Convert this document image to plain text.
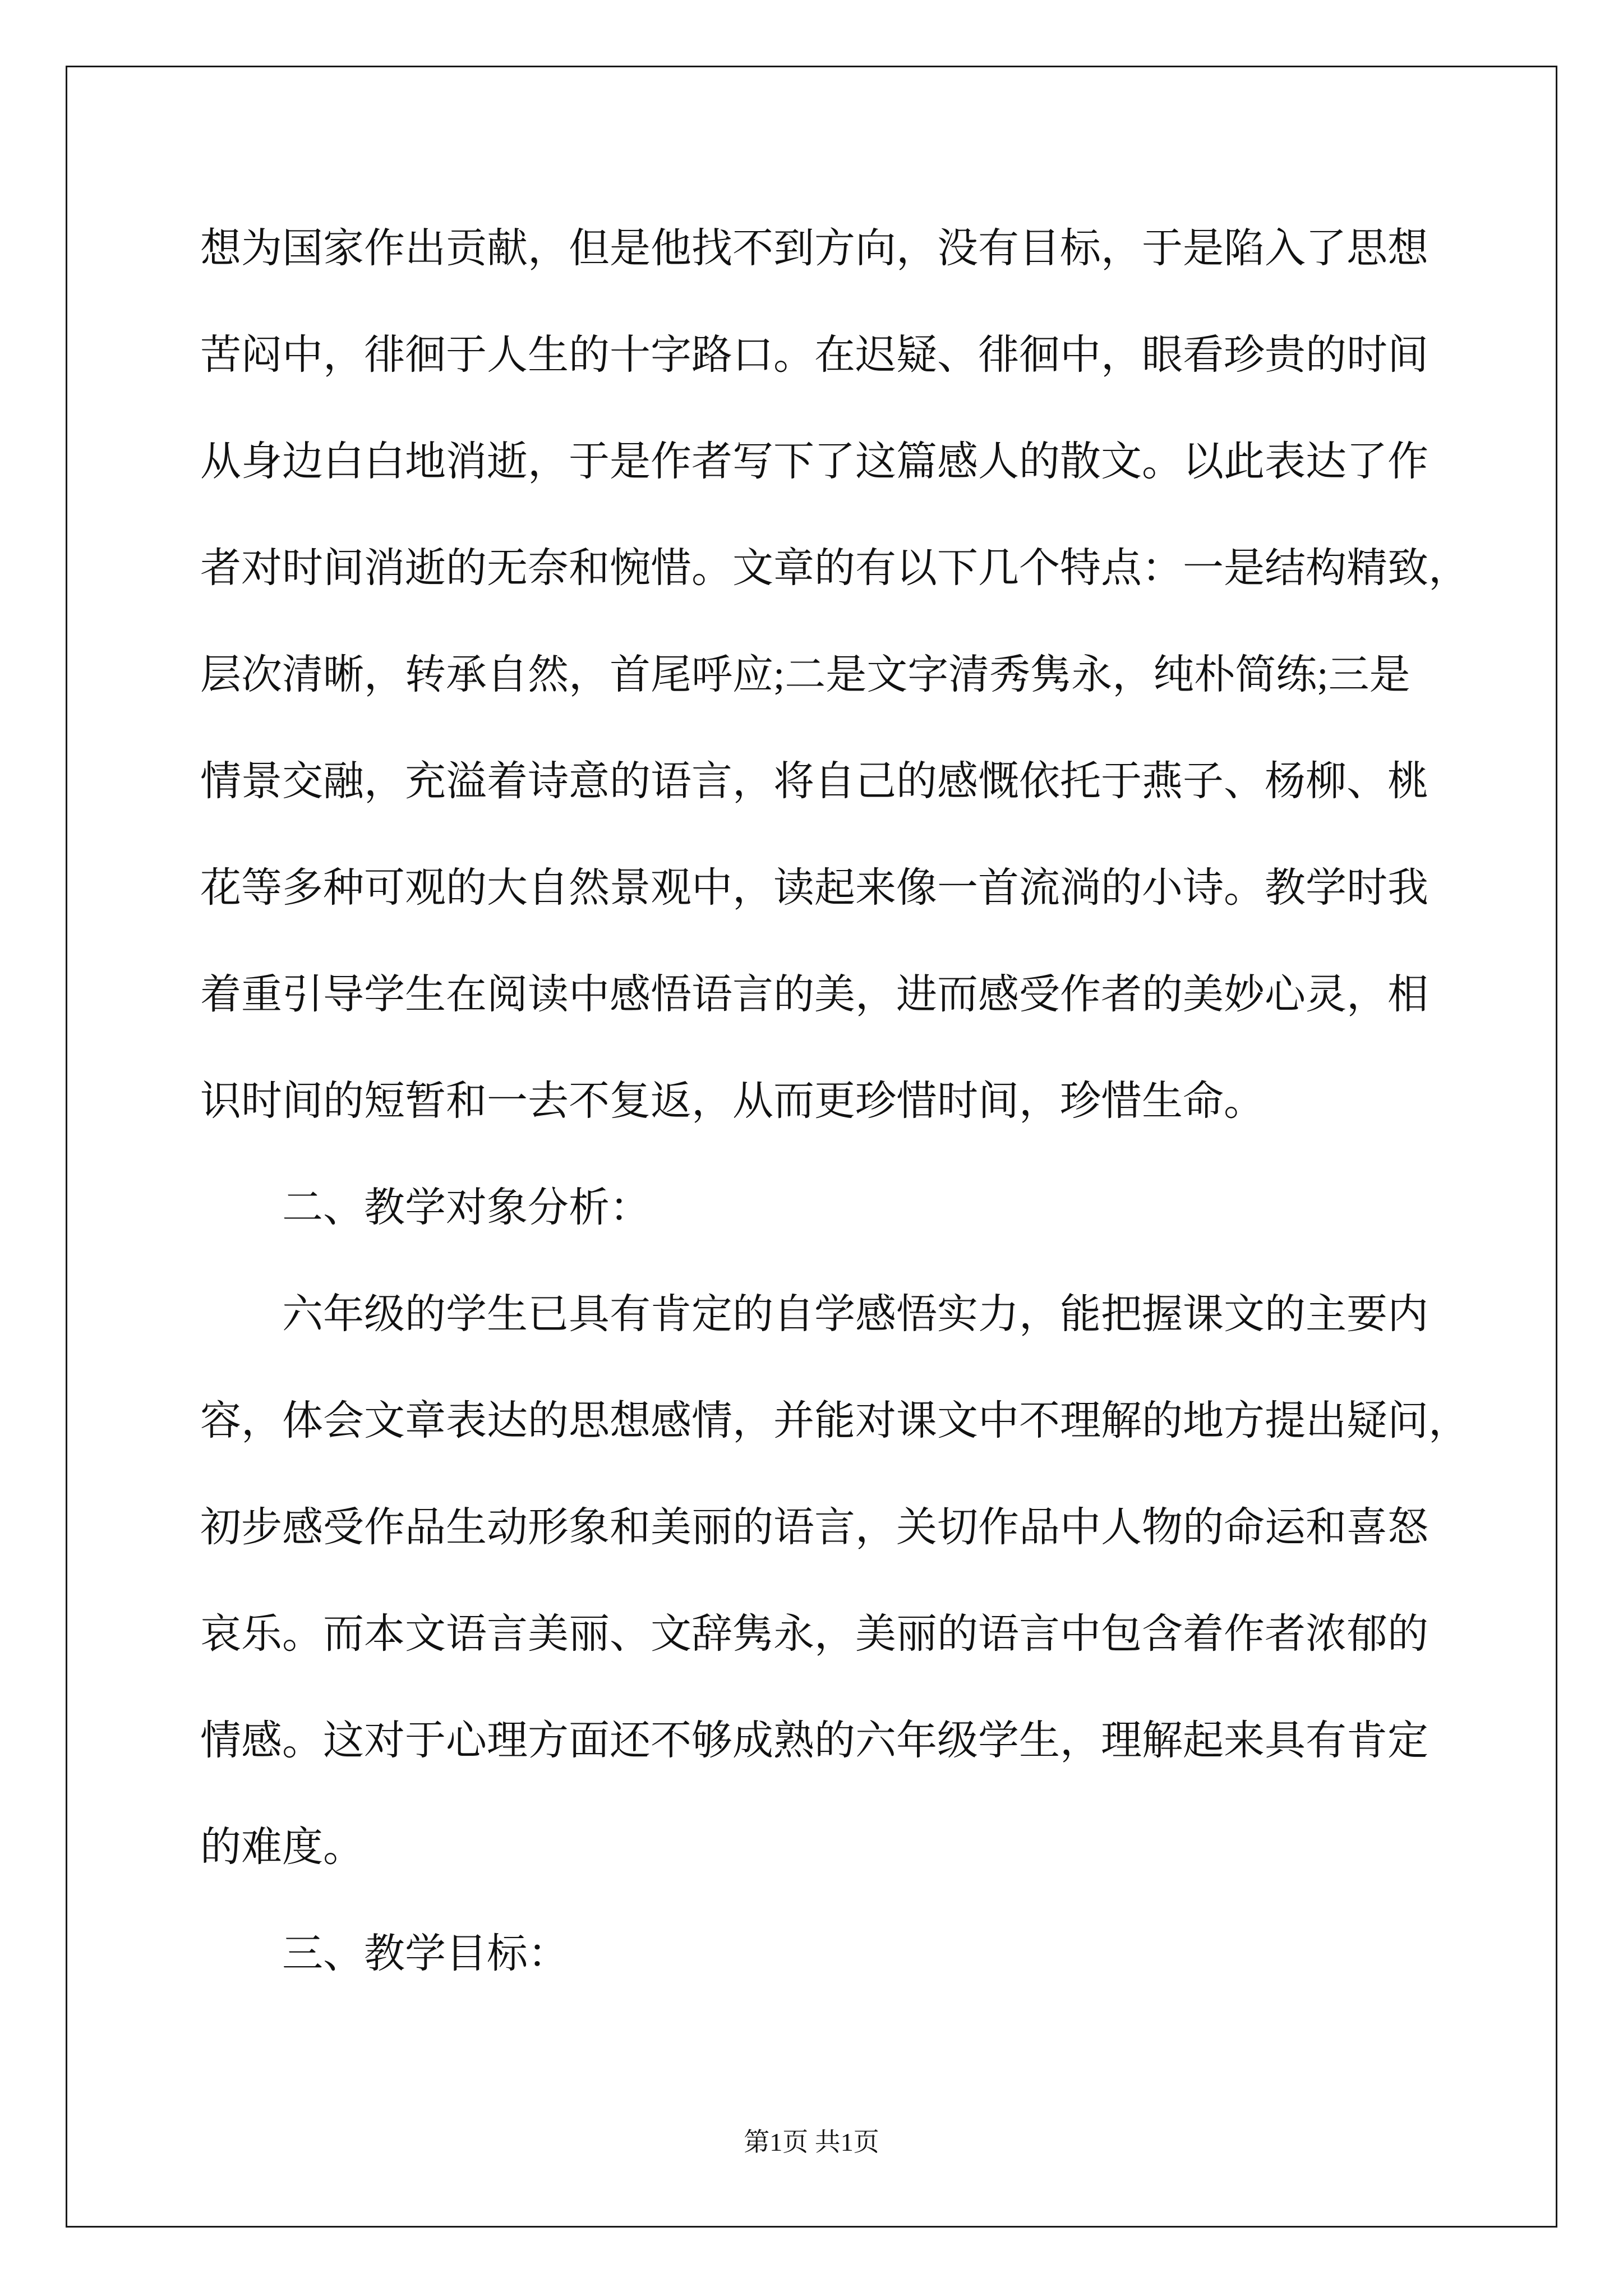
想为国家作出贡献，但是他找不到方向，没有目标，于是陷入了思想
苦闷中，徘徊于人生的十字路口。在迟疑、徘徊中，眼看珍贵的时间
从身边白白地消逝，于是作者写下了这篇感人的散文。以此表达了作
者对时间消逝的无奈和惋惜。文章的有以下几个特点：一是结构精致，
层次清晰，转承自然，首尾呼应;二是文字清秀隽永，纯朴简练;三是
情景交融，充溢着诗意的语言，将自己的感慨依托于燕子、杨柳、桃
花等多种可观的大自然景观中，读起来像一首流淌的小诗。教学时我
着重引导学生在阅读中感悟语言的美，进而感受作者的美妙心灵，相
识时间的短暂和一去不复返，从而更珍惜时间，珍惜生命。
二、教学对象分析：
六年级的学生已具有肯定的自学感悟实力，能把握课文的主要内
容，体会文章表达的思想感情，并能对课文中不理解的地方提出疑问，
初步感受作品生动形象和美丽的语言，关切作品中人物的命运和喜怒
哀乐。而本文语言美丽、文辞隽永，美丽的语言中包含着作者浓郁的
情感。这对于心理方面还不够成熟的六年级学生，理解起来具有肯定
的难度。
三、教学目标：
第1页 共1页
